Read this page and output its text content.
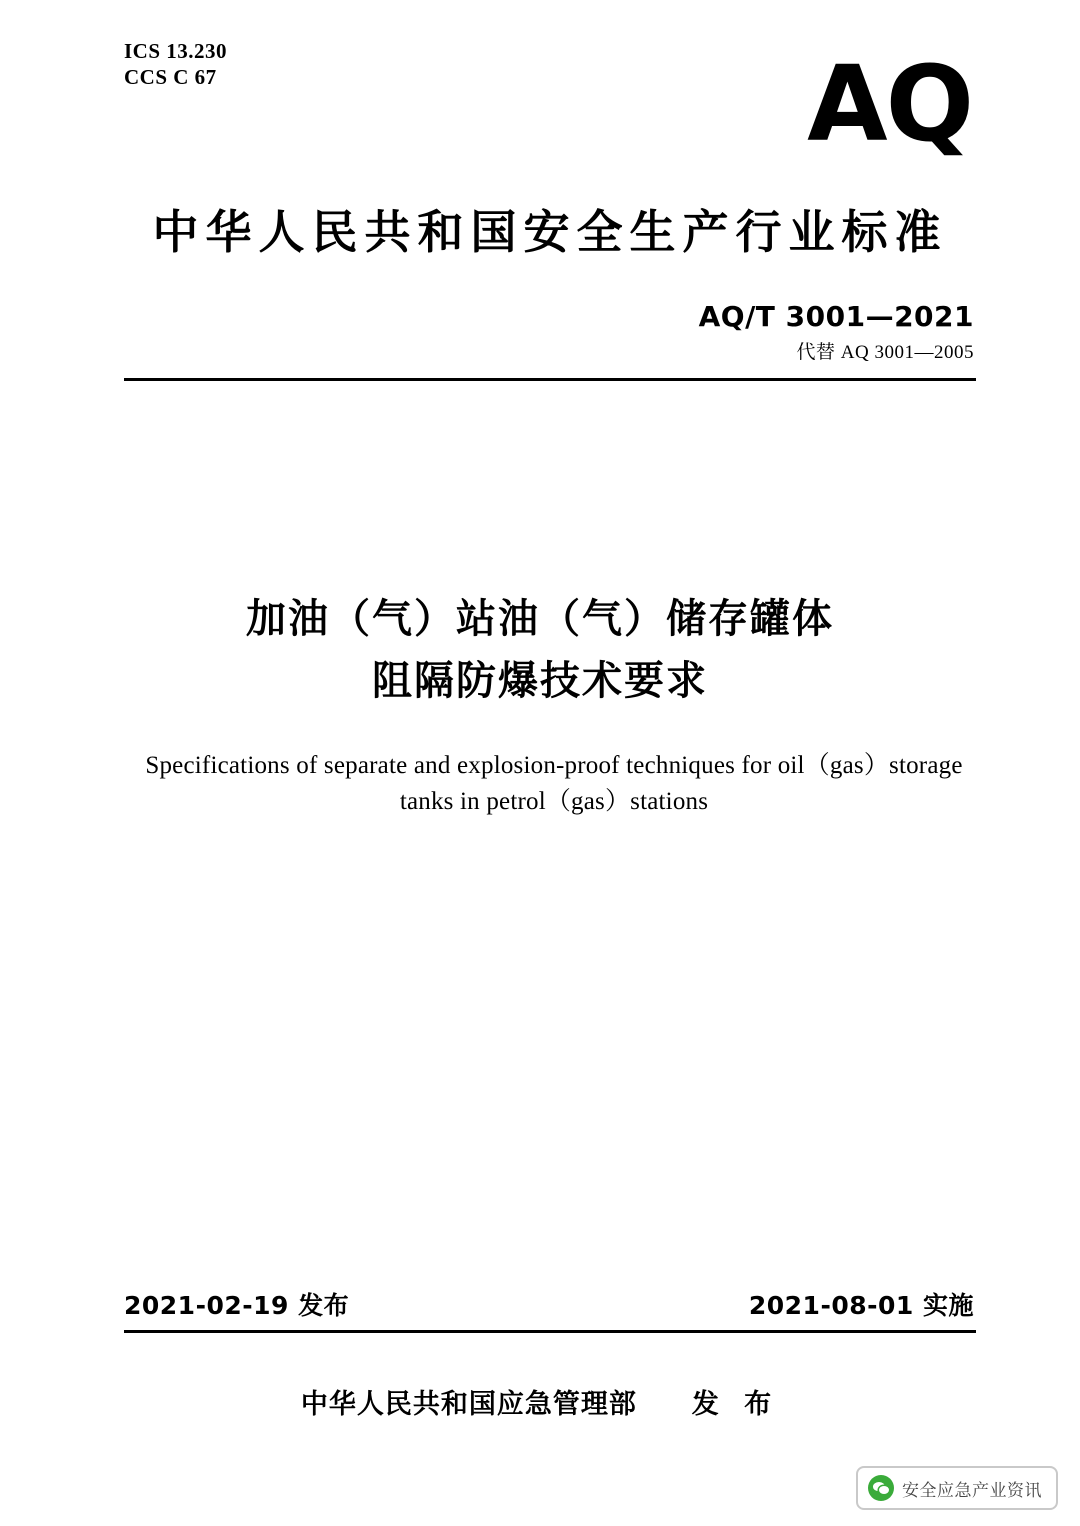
ICS 13.230
CCS C 67	AQ
中华人民共和国安全生产行业标准
AQ/T 3001—2021
代替 AQ 3001—2005
加油（气）站油（气）储存罐体
阻隔防爆技术要求
Specifications of separate and explosion-proof techniques for oil（gas）storage tanks in petrol（gas）stations
2021-02-19 发布	2021-08-01 实施
中华人民共和国应急管理部 发 布
安全应急产业资讯
